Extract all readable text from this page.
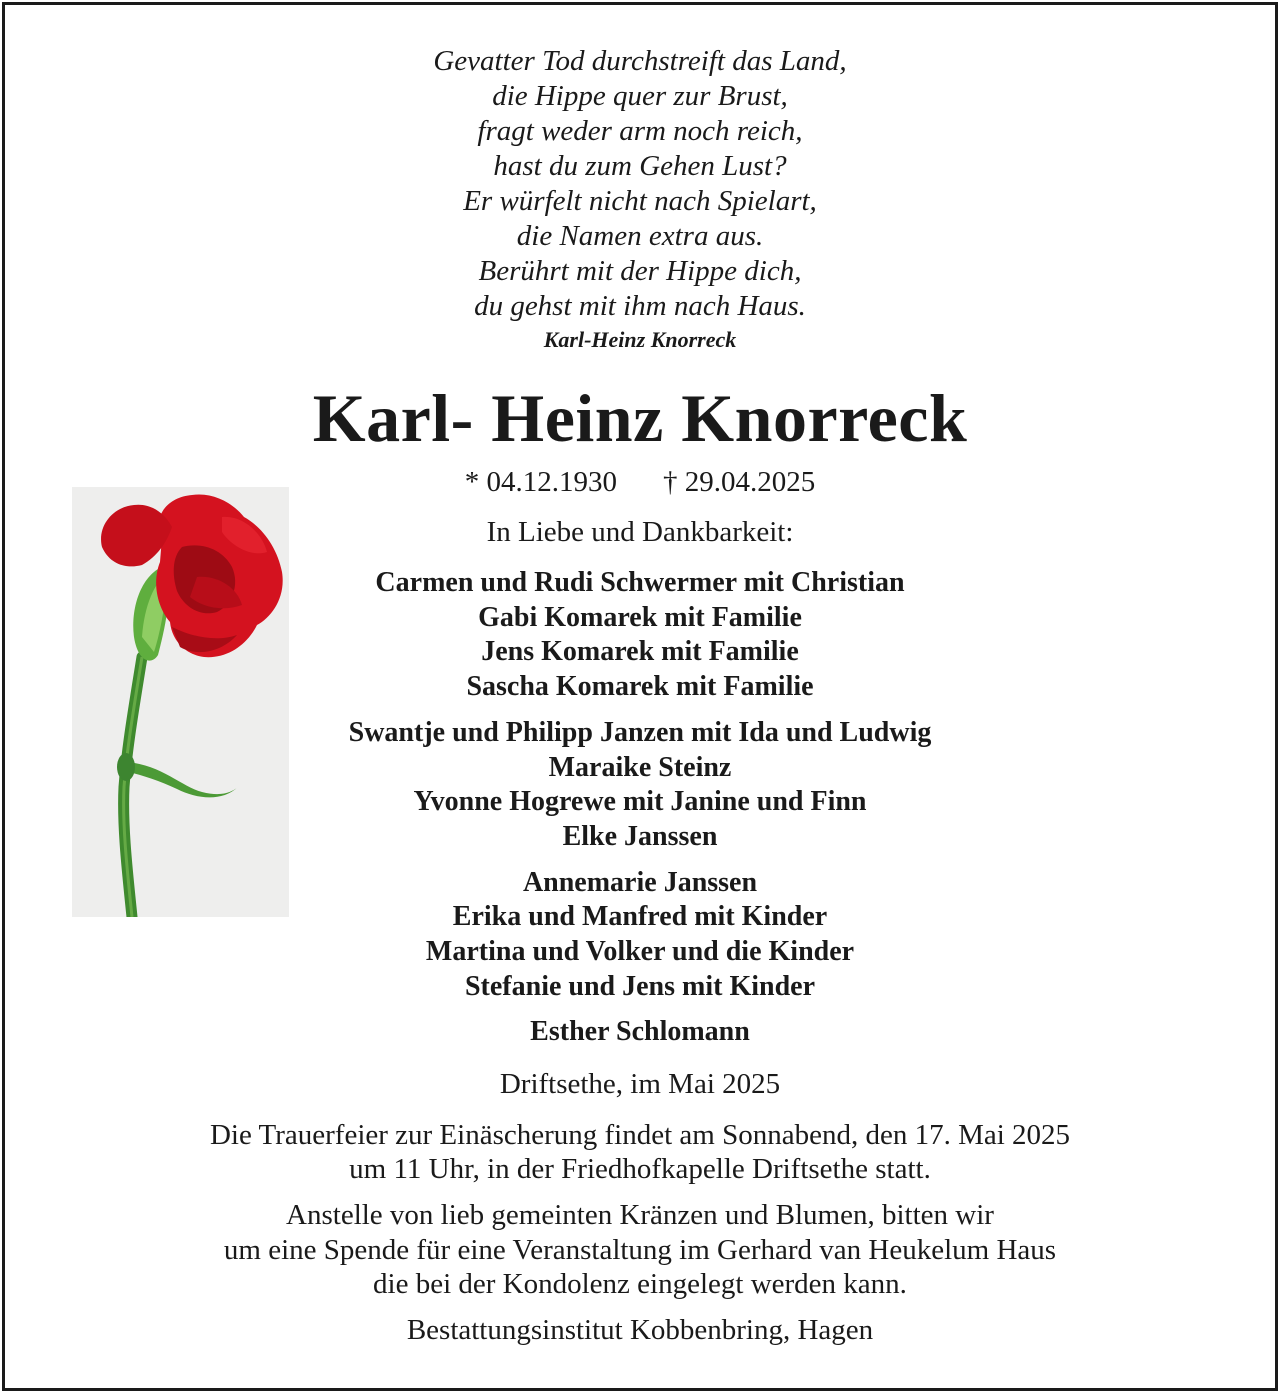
Gevatter Tod durchstreift das Land,
die Hippe quer zur Brust,
fragt weder arm noch reich,
hast du zum Gehen Lust?
Er würfelt nicht nach Spielart,
die Namen extra aus.
Berührt mit der Hippe dich,
du gehst mit ihm nach Haus.
Karl-Heinz Knorreck
Karl- Heinz Knorreck
* 04.12.1930 † 29.04.2025
In Liebe und Dankbarkeit:
Carmen und Rudi Schwermer mit Christian
Gabi Komarek mit Familie
Jens Komarek mit Familie
Sascha Komarek mit Familie
Swantje und Philipp Janzen mit Ida und Ludwig
Maraike Steinz
Yvonne Hogrewe mit Janine und Finn
Elke Janssen
Annemarie Janssen
Erika und Manfred mit Kinder
Martina und Volker und die Kinder
Stefanie und Jens mit Kinder
Esther Schlomann
Driftsethe, im Mai 2025
Die Trauerfeier zur Einäscherung findet am Sonnabend, den 17. Mai 2025
um 11 Uhr, in der Friedhofkapelle Driftsethe statt.
Anstelle von lieb gemeinten Kränzen und Blumen, bitten wir
um eine Spende für eine Veranstaltung im Gerhard van Heukelum Haus
die bei der Kondolenz eingelegt werden kann.
Bestattungsinstitut Kobbenbring, Hagen
